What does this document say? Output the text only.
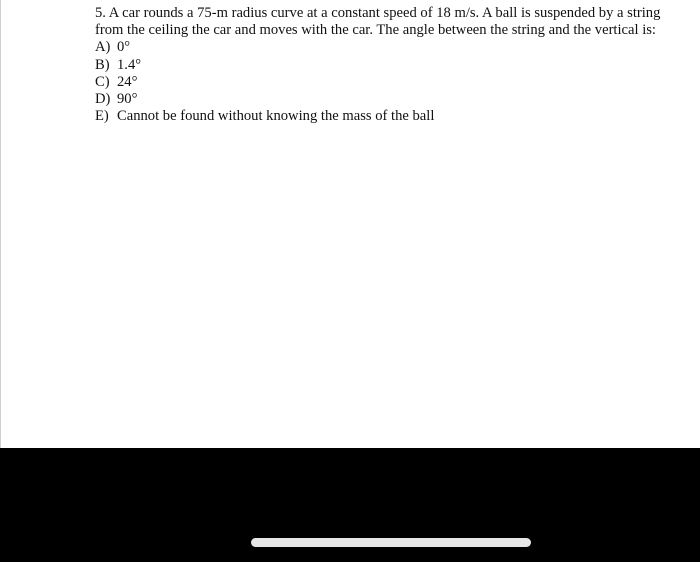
5. A car rounds a 75-m radius curve at a constant speed of 18 m/s. A ball is suspended by a string from the ceiling the car and moves with the car. The angle between the string and the vertical is:

A) 0°
B) 1.4°
C) 24°
D) 90°
E) Cannot be found without knowing the mass of the ball
